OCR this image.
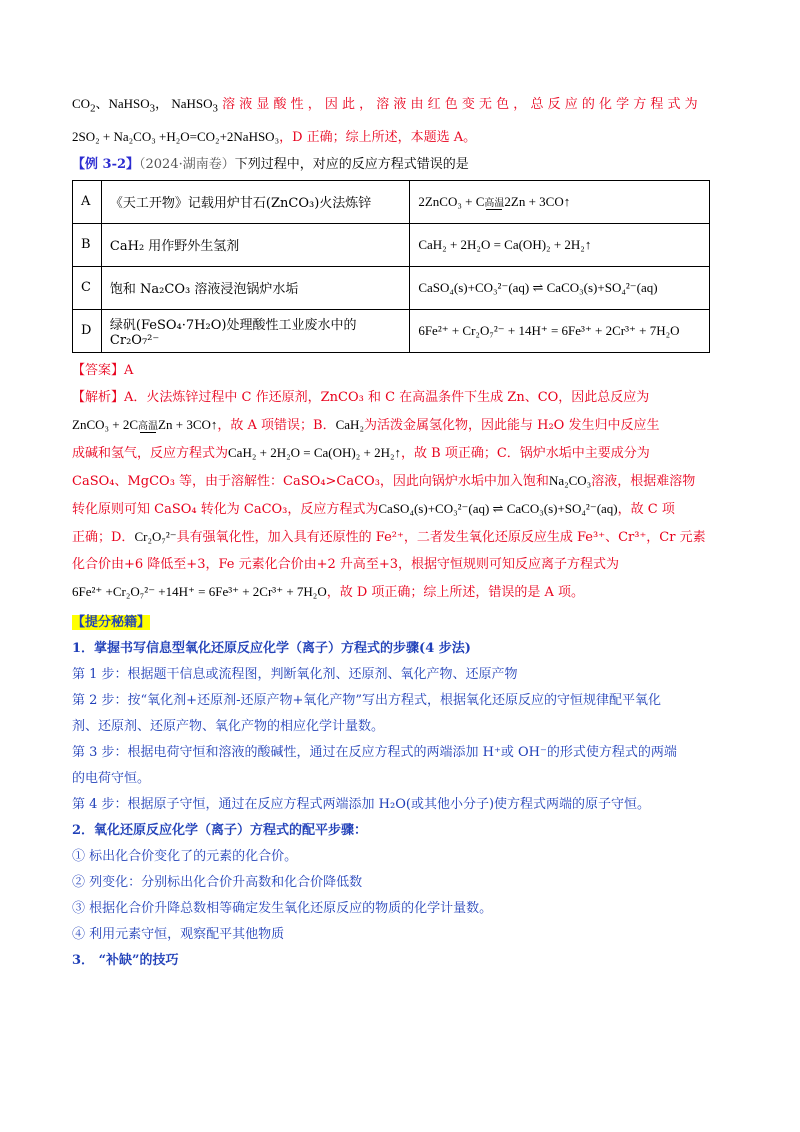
$CO_2$、NaHSO$_3$， NaHSO$_3$ 溶 液 显 酸 性 ， 因 此 ， 溶 液 由 红 色 变 无 色 ， 总 反 应 的 化 学 方 程 式 为
2SO₂ + Na₂CO₃ +H₂O=CO₂+2NaHSO₃，D 正确；综上所述，本题选 A。
【例 3-2】（2024·湖南卷）下列过程中，对应的反应方程式错误的是
A	《天工开物》记载用炉甘石(ZnCO₃)火法炼锌	2ZnCO₃ + C 高温 2Zn + 3CO↑
B	CaH₂ 用作野外生氢剂	CaH₂ + 2H₂O = Ca(OH)₂ + 2H₂↑
C	饱和 Na₂CO₃ 溶液浸泡锅炉水垢	CaSO₄(s)+CO₃²⁻(aq) ⇌ CaCO₃(s)+SO₄²⁻(aq)
D	绿矾(FeSO₄·7H₂O)处理酸性工业废水中的 Cr₂O₇²⁻	6Fe²⁺ + Cr₂O₇²⁻ + 14H⁺ = 6Fe³⁺ + 2Cr³⁺ + 7H₂O
【答案】A
【解析】A．火法炼锌过程中 C 作还原剂，ZnCO₃ 和 C 在高温条件下生成 Zn、CO，因此总反应为
ZnCO₃ + 2C 高温 Zn + 3CO↑，故 A 项错误；B．CaH₂为活泼金属氢化物，因此能与 H₂O 发生归中反应生
成碱和氢气，反应方程式为CaH₂ + 2H₂O = Ca(OH)₂ + 2H₂↑，故 B 项正确；C．锅炉水垢中主要成分为
CaSO₄、MgCO₃ 等，由于溶解性：CaSO₄>CaCO₃，因此向锅炉水垢中加入饱和Na₂CO₃溶液，根据难溶物
转化原则可知 CaSO₄ 转化为 CaCO₃，反应方程式为CaSO₄(s)+CO₃²⁻(aq) ⇌ CaCO₃(s)+SO₄²⁻(aq)，故 C 项
正确；D．Cr₂O₇²⁻具有强氧化性，加入具有还原性的 Fe²⁺，二者发生氧化还原反应生成 Fe³⁺、Cr³⁺，Cr 元素
化合价由+6 降低至+3，Fe 元素化合价由+2 升高至+3，根据守恒规则可知反应离子方程式为
6Fe²⁺ +Cr₂O₇²⁻ +14H⁺ = 6Fe³⁺ + 2Cr³⁺ + 7H₂O，故 D 项正确；综上所述，错误的是 A 项。
【提分秘籍】
1．掌握书写信息型氧化还原反应化学（离子）方程式的步骤(4 步法)
第 1 步：根据题干信息或流程图，判断氧化剂、还原剂、氧化产物、还原产物
第 2 步：按“氧化剂+还原剂-还原产物+氧化产物”写出方程式，根据氧化还原反应的守恒规律配平氧化
剂、还原剂、还原产物、氧化产物的相应化学计量数。
第 3 步：根据电荷守恒和溶液的酸碱性，通过在反应方程式的两端添加 H⁺或 OH⁻的形式使方程式的两端
的电荷守恒。
第 4 步：根据原子守恒，通过在反应方程式两端添加 H₂O(或其他小分子)使方程式两端的原子守恒。
2．氧化还原反应化学（离子）方程式的配平步骤：
① 标出化合价变化了的元素的化合价。
② 列变化：分别标出化合价升高数和化合价降低数
③ 根据化合价升降总数相等确定发生氧化还原反应的物质的化学计量数。
④ 利用元素守恒，观察配平其他物质
3． “补缺”的技巧
